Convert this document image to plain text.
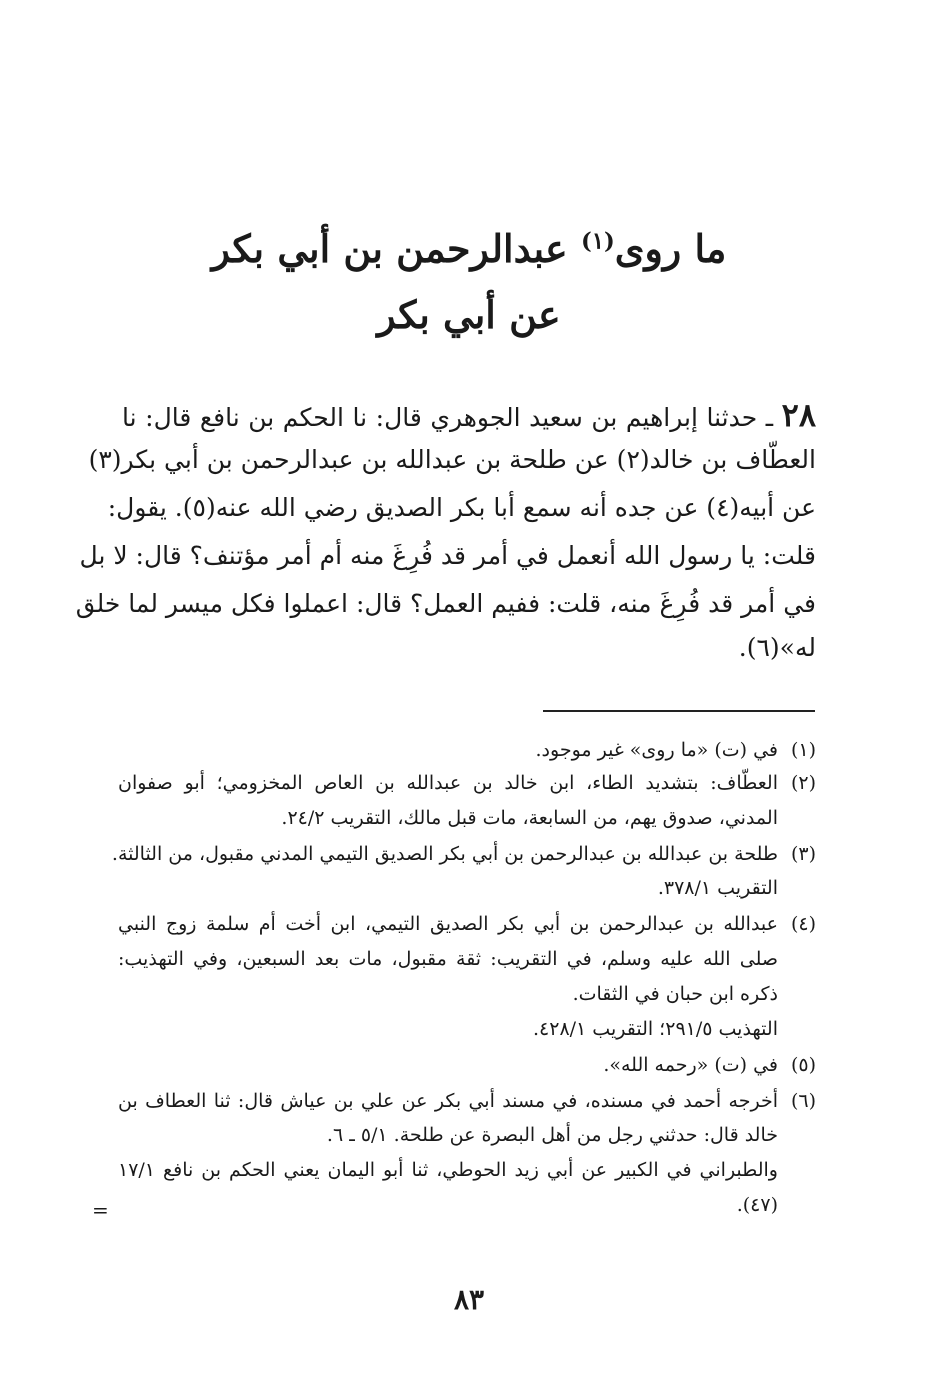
ما روى$^{(١)}$ عبدالرحمن بن أبي بكر
عن أبي بكر
٢٨ ـ حدثنا إبراهيم بن سعيد الجوهري قال: نا الحكم بن نافع قال: نا
العطّاف بن خالد(٢) عن طلحة بن عبدالله بن عبدالرحمن بن أبي بكر(٣)
عن أبيه(٤) عن جده أنه سمع أبا بكر الصديق رضي الله عنه(٥). يقول:
قلت: يا رسول الله أنعمل في أمر قد فُرِغَ منه أم أمر مؤتنف؟ قال: لا بل
في أمر قد فُرِغَ منه، قلت: ففيم العمل؟ قال: اعملوا فكل ميسر لما خلق
له»(٦).
(١)
في (ت) «ما روى» غير موجود.
(٢)
العطّاف: بتشديد الطاء، ابن خالد بن عبدالله بن العاص المخزومي؛ أبو صفوان
المدني، صدوق يهم، من السابعة، مات قبل مالك، التقريب ٢٤/٢.
(٣)
طلحة بن عبدالله بن عبدالرحمن بن أبي بكر الصديق التيمي المدني مقبول، من الثالثة.
التقريب ٣٧٨/١.
(٤)
عبدالله بن عبدالرحمن بن أبي بكر الصديق التيمي، ابن أخت أم سلمة زوج النبي
صلى الله عليه وسلم، في التقريب: ثقة مقبول، مات بعد السبعين، وفي التهذيب:
ذكره ابن حبان في الثقات.
التهذيب ٢٩١/٥؛ التقريب ٤٢٨/١.
(٥)
في (ت) «رحمه الله».
(٦)
أخرجه أحمد في مسنده، في مسند أبي بكر عن علي بن عياش قال: ثنا العطاف بن
خالد قال: حدثني رجل من أهل البصرة عن طلحة. ٥/١ ـ ٦.
والطبراني في الكبير عن أبي زيد الحوطي، ثنا أبو اليمان يعني الحكم بن نافع ١٧/١
(٤٧).
=
٨٣
